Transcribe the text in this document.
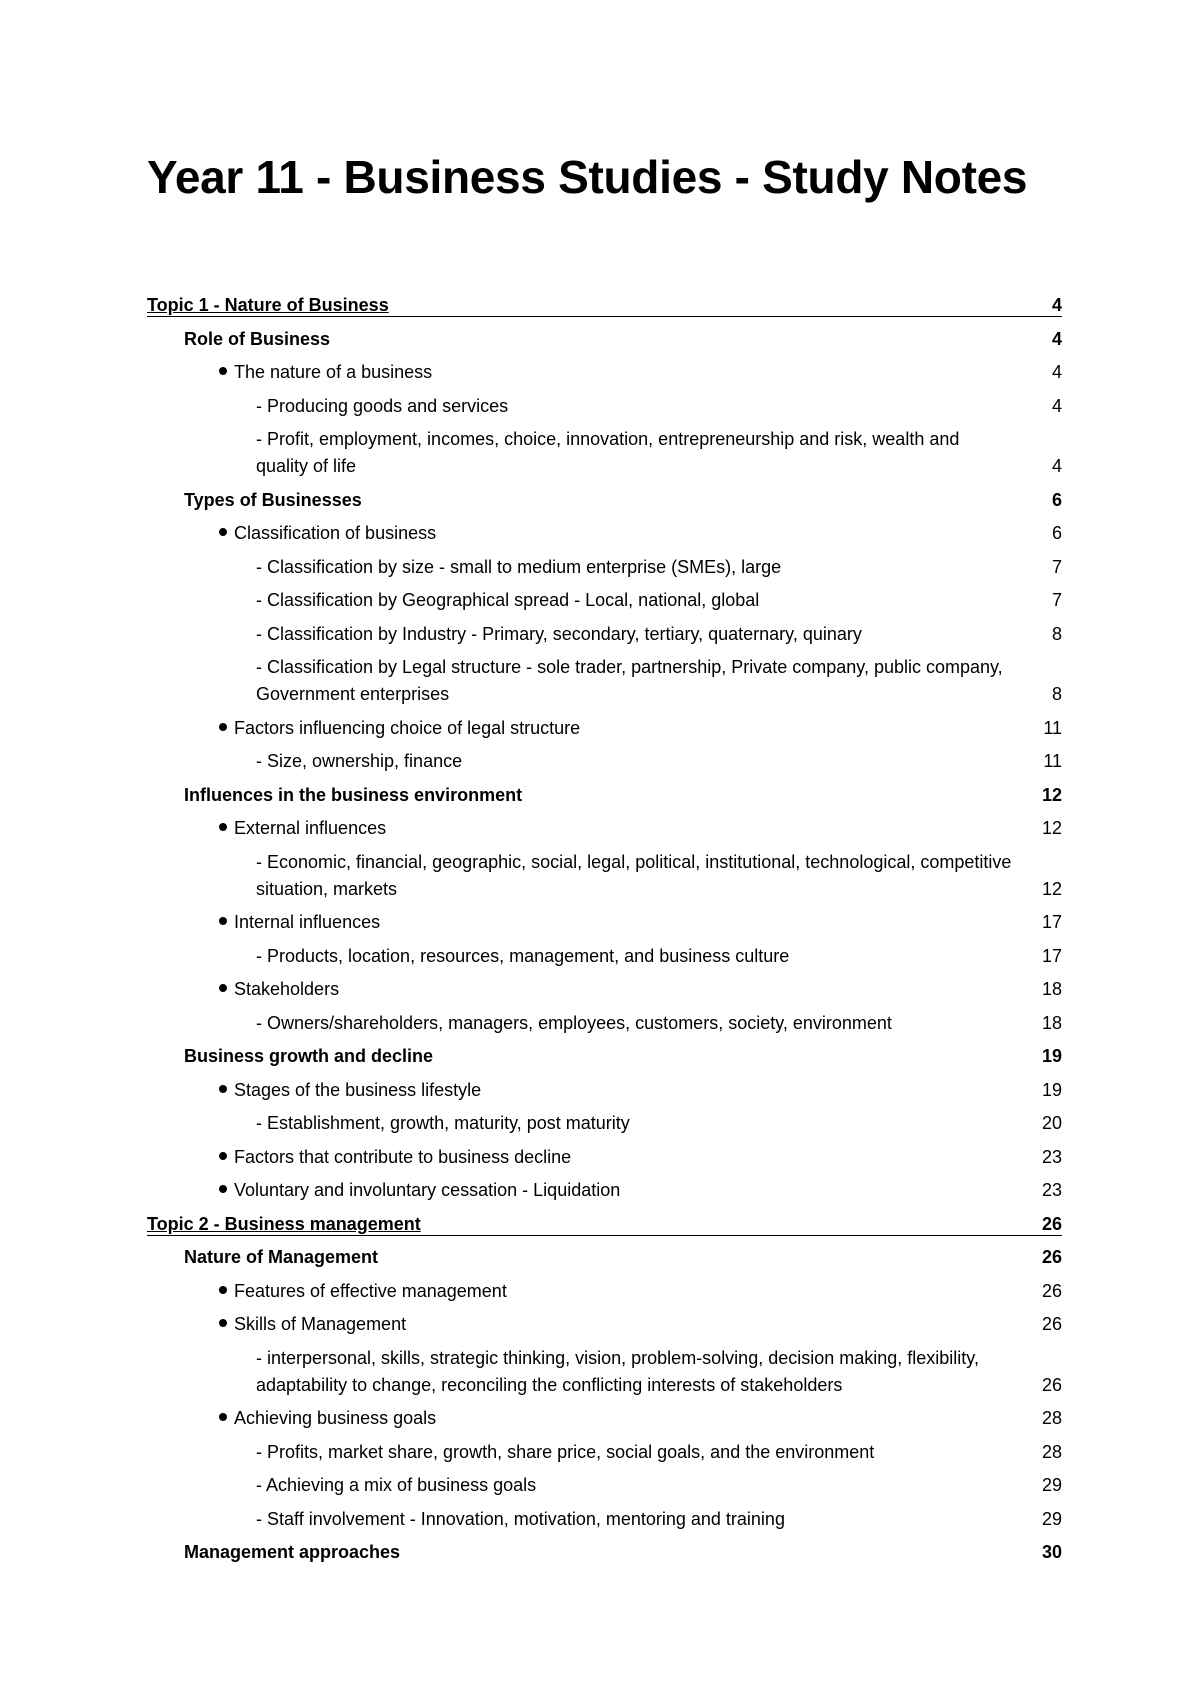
Year 11 - Business Studies - Study Notes
Topic 1 - Nature of Business	4
Role of Business	4
The nature of a business	4
- Producing goods and services	4
- Profit, employment, incomes, choice, innovation, entrepreneurship and risk, wealth and quality of life	4
Types of Businesses	6
Classification of business	6
- Classification by size - small to medium enterprise (SMEs), large	7
- Classification by Geographical spread - Local, national, global	7
- Classification by Industry - Primary, secondary, tertiary, quaternary, quinary	8
- Classification by Legal structure - sole trader, partnership, Private company, public company, Government enterprises	8
Factors influencing choice of legal structure	11
- Size, ownership, finance	11
Influences in the business environment	12
External influences	12
- Economic, financial, geographic, social, legal, political, institutional, technological, competitive situation, markets	12
Internal influences	17
- Products, location, resources, management, and business culture	17
Stakeholders	18
- Owners/shareholders, managers, employees, customers, society, environment	18
Business growth and decline	19
Stages of the business lifestyle	19
- Establishment, growth, maturity, post maturity	20
Factors that contribute to business decline	23
Voluntary and involuntary cessation - Liquidation	23
Topic 2 - Business management	26
Nature of Management	26
Features of effective management	26
Skills of Management	26
- interpersonal, skills, strategic thinking, vision, problem-solving, decision making, flexibility, adaptability to change, reconciling the conflicting interests of stakeholders	26
Achieving business goals	28
- Profits, market share, growth, share price, social goals, and the environment	28
- Achieving a mix of business goals	29
- Staff involvement - Innovation, motivation, mentoring and training	29
Management approaches	30
